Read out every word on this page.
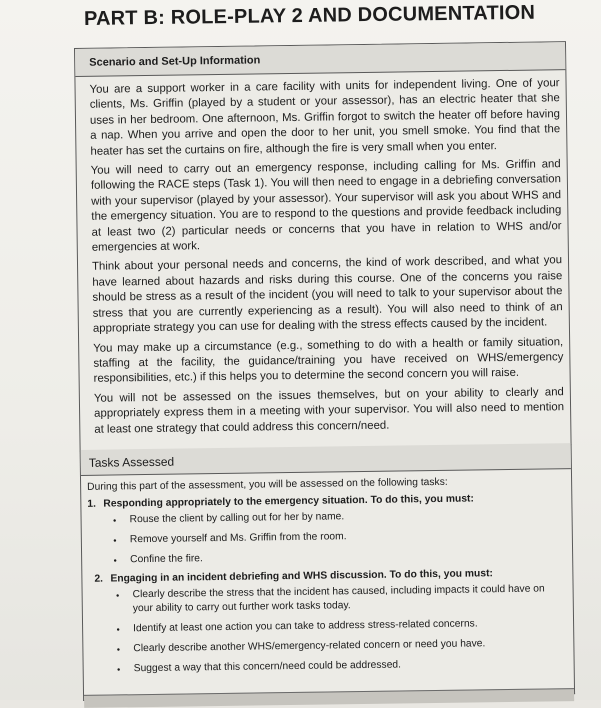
PART B: ROLE-PLAY 2 AND DOCUMENTATION
Scenario and Set-Up Information

You are a support worker in a care facility with units for independent living. One of your clients, Ms. Griffin (played by a student or your assessor), has an electric heater that she uses in her bedroom. One afternoon, Ms. Griffin forgot to switch the heater off before having a nap. When you arrive and open the door to her unit, you smell smoke. You find that the heater has set the curtains on fire, although the fire is very small when you enter.

You will need to carry out an emergency response, including calling for Ms. Griffin and following the RACE steps (Task 1). You will then need to engage in a debriefing conversation with your supervisor (played by your assessor). Your supervisor will ask you about WHS and the emergency situation. You are to respond to the questions and provide feedback including at least two (2) particular needs or concerns that you have in relation to WHS and/or emergencies at work.

Think about your personal needs and concerns, the kind of work described, and what you have learned about hazards and risks during this course. One of the concerns you raise should be stress as a result of the incident (you will need to talk to your supervisor about the stress that you are currently experiencing as a result). You will also need to think of an appropriate strategy you can use for dealing with the stress effects caused by the incident.

You may make up a circumstance (e.g., something to do with a health or family situation, staffing at the facility, the guidance/training you have received on WHS/emergency responsibilities, etc.) if this helps you to determine the second concern you will raise.

You will not be assessed on the issues themselves, but on your ability to clearly and appropriately express them in a meeting with your supervisor. You will also need to mention at least one strategy that could address this concern/need.

Tasks Assessed

During this part of the assessment, you will be assessed on the following tasks:

1. Responding appropriately to the emergency situation. To do this, you must:
•	Rouse the client by calling out for her by name.
•	Remove yourself and Ms. Griffin from the room.
•	Confine the fire.
2. Engaging in an incident debriefing and WHS discussion. To do this, you must:
•	Clearly describe the stress that the incident has caused, including impacts it could have on your ability to carry out further work tasks today.
•	Identify at least one action you can take to address stress-related concerns.
•	Clearly describe another WHS/emergency-related concern or need you have.
•	Suggest a way that this concern/need could be addressed.
